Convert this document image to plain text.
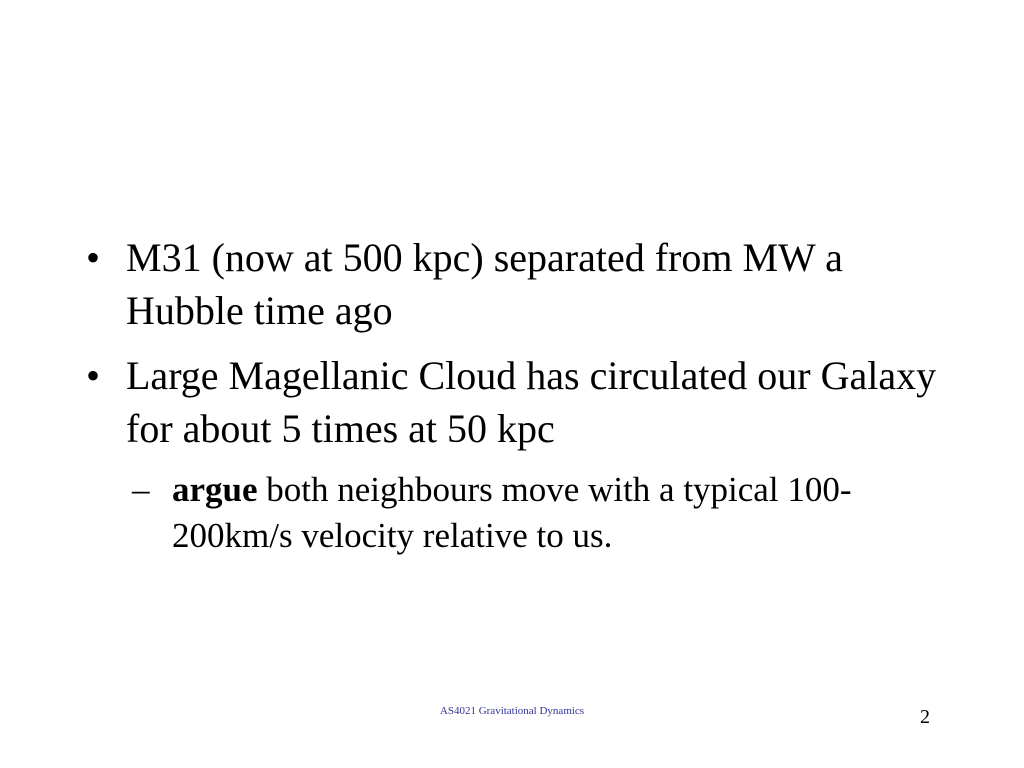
• M31 (now at 500 kpc) separated from MW a Hubble time ago
• Large Magellanic Cloud has circulated our Galaxy for about 5 times at 50 kpc
– argue both neighbours move with a typical 100-200km/s velocity relative to us.
AS4021 Gravitational Dynamics	2
